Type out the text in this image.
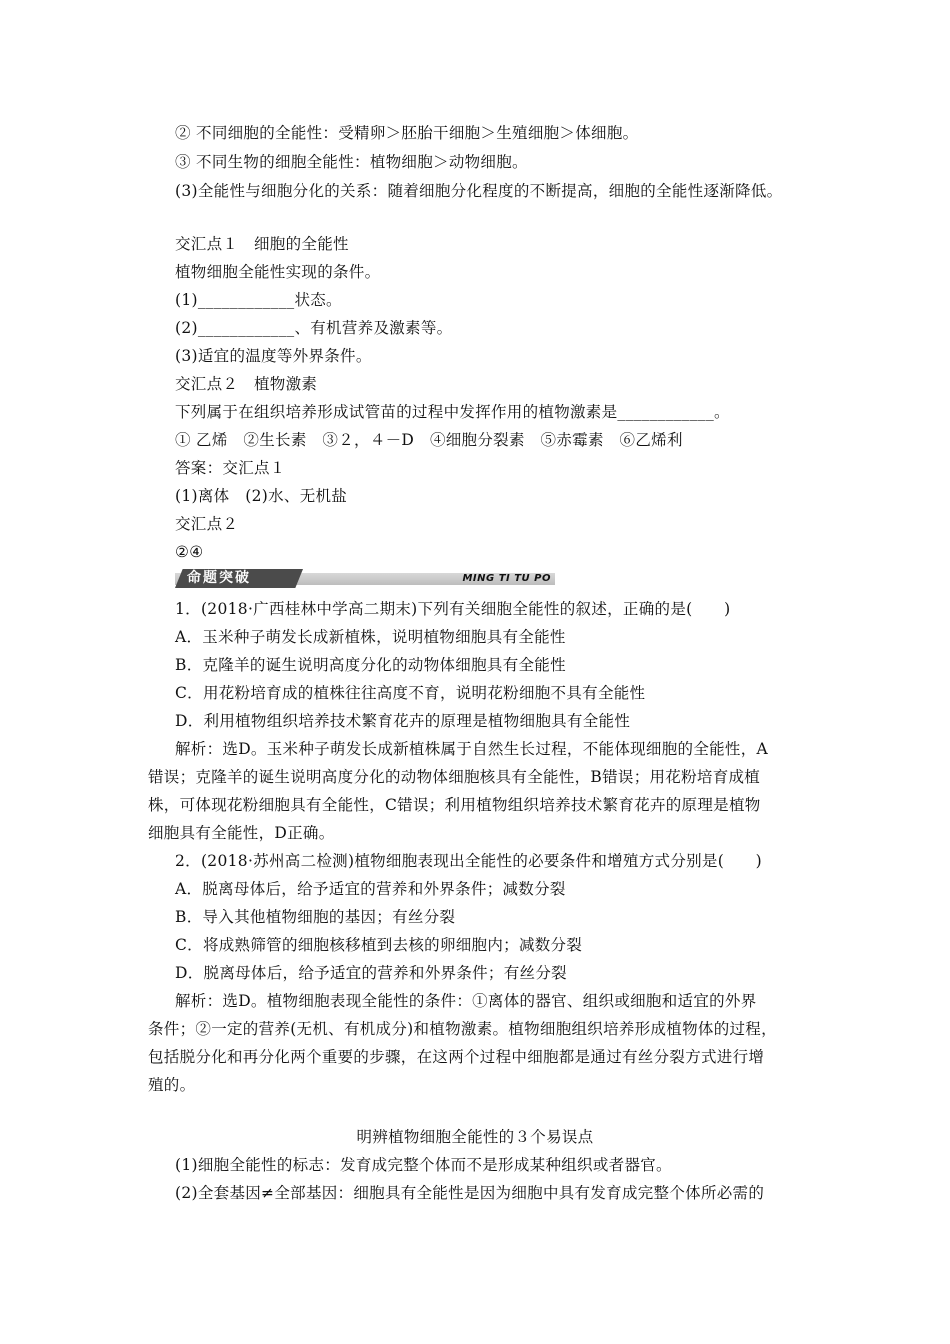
② 不同细胞的全能性：受精卵＞胚胎干细胞＞生殖细胞＞体细胞。
③ 不同生物的细胞全能性：植物细胞＞动物细胞。
(3)全能性与细胞分化的关系：随着细胞分化程度的不断提高，细胞的全能性逐渐降低。
交汇点１　细胞的全能性
植物细胞全能性实现的条件。
(1)____________状态。
(2)____________、有机营养及激素等。
(3)适宜的温度等外界条件。
交汇点２　植物激素
下列属于在组织培养形成试管苗的过程中发挥作用的植物激素是____________。
① 乙烯　②生长素　③２，４－D　④细胞分裂素　⑤赤霉素　⑥乙烯利
答案：交汇点１
(1)离体　(2)水、无机盐
交汇点２
②④
命题突破	MING TI TU PO
1．(2018·广西桂林中学高二期末)下列有关细胞全能性的叙述，正确的是(　　)
A．玉米种子萌发长成新植株，说明植物细胞具有全能性
B．克隆羊的诞生说明高度分化的动物体细胞具有全能性
C．用花粉培育成的植株往往高度不育，说明花粉细胞不具有全能性
D．利用植物组织培养技术繁育花卉的原理是植物细胞具有全能性
解析：选D。玉米种子萌发长成新植株属于自然生长过程，不能体现细胞的全能性，A
错误；克隆羊的诞生说明高度分化的动物体细胞核具有全能性，B错误；用花粉培育成植
株，可体现花粉细胞具有全能性，C错误；利用植物组织培养技术繁育花卉的原理是植物
细胞具有全能性，D正确。
2．(2018·苏州高二检测)植物细胞表现出全能性的必要条件和增殖方式分别是(　　)
A．脱离母体后，给予适宜的营养和外界条件；减数分裂
B．导入其他植物细胞的基因；有丝分裂
C．将成熟筛管的细胞核移植到去核的卵细胞内；减数分裂
D．脱离母体后，给予适宜的营养和外界条件；有丝分裂
解析：选D。植物细胞表现全能性的条件：①离体的器官、组织或细胞和适宜的外界
条件；②一定的营养(无机、有机成分)和植物激素。植物细胞组织培养形成植物体的过程，
包括脱分化和再分化两个重要的步骤，在这两个过程中细胞都是通过有丝分裂方式进行增
殖的。
明辨植物细胞全能性的３个易误点
(1)细胞全能性的标志：发育成完整个体而不是形成某种组织或者器官。
(2)全套基因≠全部基因：细胞具有全能性是因为细胞中具有发育成完整个体所必需的
